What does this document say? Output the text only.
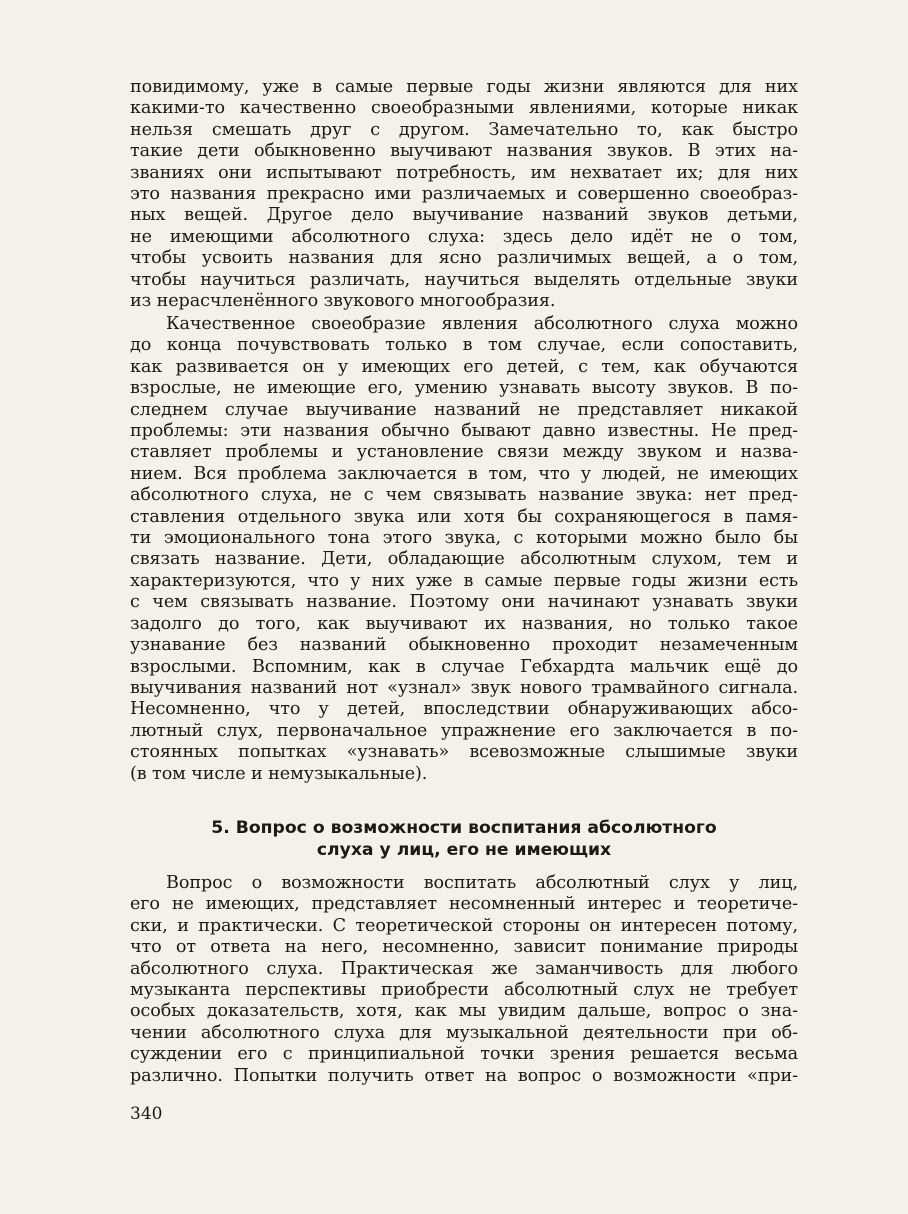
повидимому, уже в самые первые годы жизни являются для них
какими-то качественно своеобразными явлениями, которые никак
нельзя смешать друг с другом. Замечательно то, как быстро
такие дети обыкновенно выучивают названия звуков. В этих на-
званиях они испытывают потребность, им нехватает их; для них
это названия прекрасно ими различаемых и совершенно своеобраз-
ных вещей. Другое дело выучивание названий звуков детьми,
не имеющими абсолютного слуха: здесь дело идёт не о том,
чтобы усвоить названия для ясно различимых вещей, а о том,
чтобы научиться различать, научиться выделять отдельные звуки
из нерасчленённого звукового многообразия.
Качественное своеобразие явления абсолютного слуха можно
до конца почувствовать только в том случае, если сопоставить,
как развивается он у имеющих его детей, с тем, как обучаются
взрослые, не имеющие его, умению узнавать высоту звуков. В по-
следнем случае выучивание названий не представляет никакой
проблемы: эти названия обычно бывают давно известны. Не пред-
ставляет проблемы и установление связи между звуком и назва-
нием. Вся проблема заключается в том, что у людей, не имеющих
абсолютного слуха, не с чем связывать название звука: нет пред-
ставления отдельного звука или хотя бы сохраняющегося в памя-
ти эмоционального тона этого звука, с которыми можно было бы
связать название. Дети, обладающие абсолютным слухом, тем и
характеризуются, что у них уже в самые первые годы жизни есть
с чем связывать название. Поэтому они начинают узнавать звуки
задолго до того, как выучивают их названия, но только такое
узнавание без названий обыкновенно проходит незамеченным
взрослыми. Вспомним, как в случае Гебхардта мальчик ещё до
выучивания названий нот «узнал» звук нового трамвайного сигнала.
Несомненно, что у детей, впоследствии обнаруживающих абсо-
лютный слух, первоначальное упражнение его заключается в по-
стоянных попытках «узнавать» всевозможные слышимые звуки
(в том числе и немузыкальные).
5. Вопрос о возможности воспитания абсолютного
слуха у лиц, его не имеющих
Вопрос о возможности воспитать абсолютный слух у лиц,
его не имеющих, представляет несомненный интерес и теоретиче-
ски, и практически. С теоретической стороны он интересен потому,
что от ответа на него, несомненно, зависит понимание природы
абсолютного слуха. Практическая же заманчивость для любого
музыканта перспективы приобрести абсолютный слух не требует
особых доказательств, хотя, как мы увидим дальше, вопрос о зна-
чении абсолютного слуха для музыкальной деятельности при об-
суждении его с принципиальной точки зрения решается весьма
различно. Попытки получить ответ на вопрос о возможности «при-
340
